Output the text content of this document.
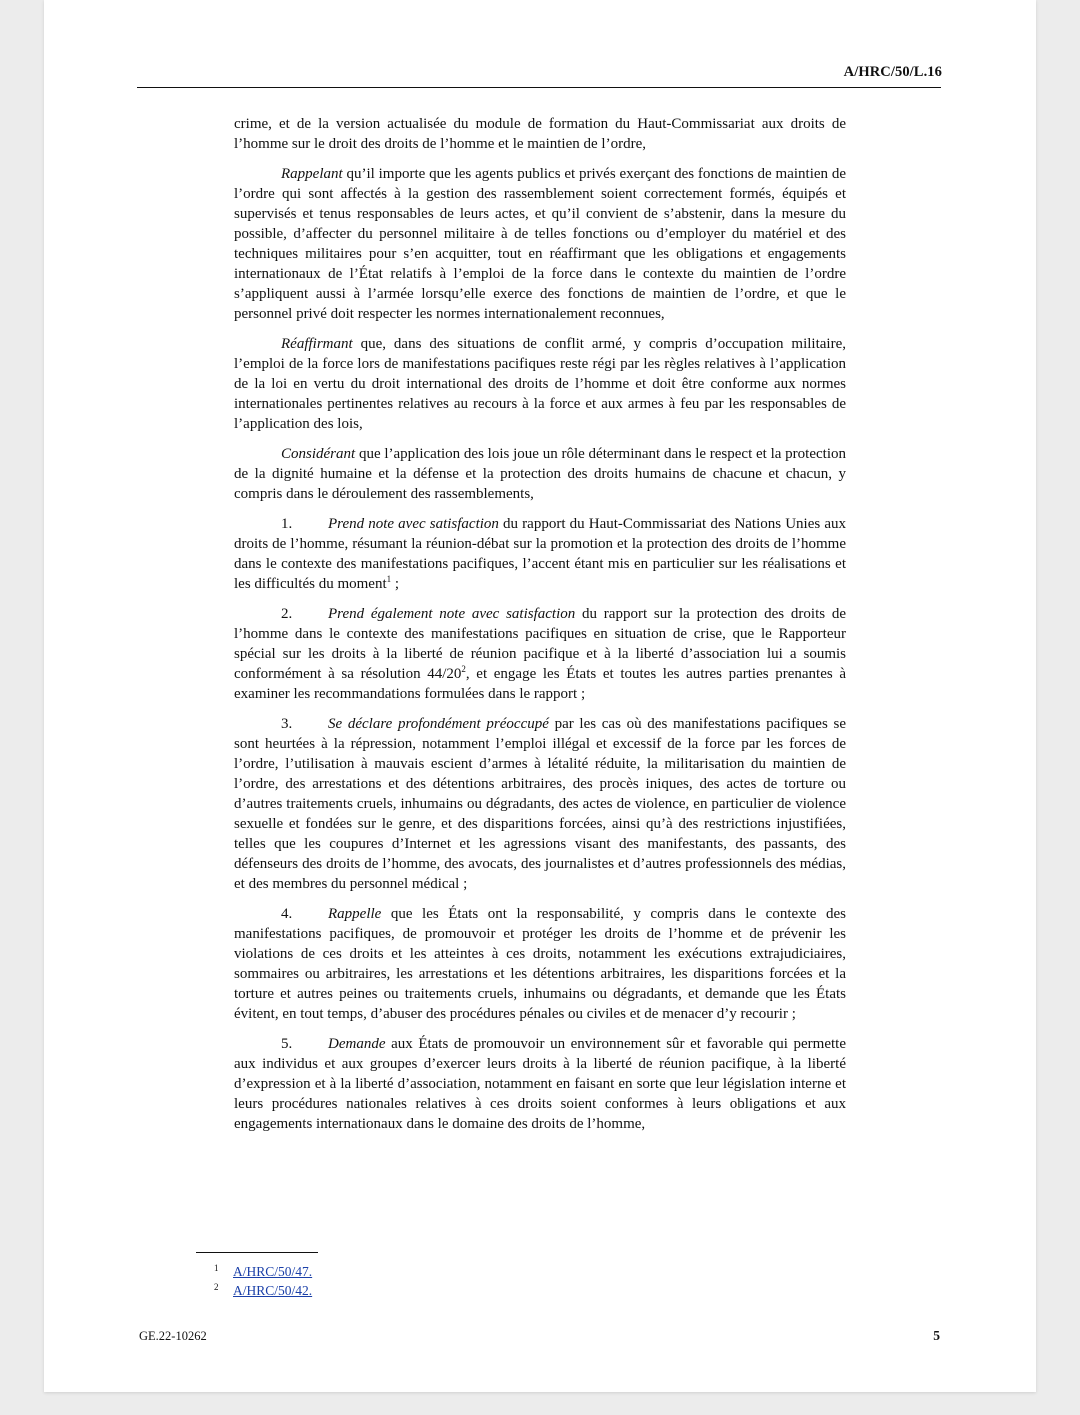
A/HRC/50/L.16

crime, et de la version actualisée du module de formation du Haut-Commissariat aux droits de l’homme sur le droit des droits de l’homme et le maintien de l’ordre,

Rappelant qu’il importe que les agents publics et privés exerçant des fonctions de maintien de l’ordre qui sont affectés à la gestion des rassemblement soient correctement formés, équipés et supervisés et tenus responsables de leurs actes, et qu’il convient de s’abstenir, dans la mesure du possible, d’affecter du personnel militaire à de telles fonctions ou d’employer du matériel et des techniques militaires pour s’en acquitter, tout en réaffirmant que les obligations et engagements internationaux de l’État relatifs à l’emploi de la force dans le contexte du maintien de l’ordre s’appliquent aussi à l’armée lorsqu’elle exerce des fonctions de maintien de l’ordre, et que le personnel privé doit respecter les normes internationalement reconnues,

Réaffirmant que, dans des situations de conflit armé, y compris d’occupation militaire, l’emploi de la force lors de manifestations pacifiques reste régi par les règles relatives à l’application de la loi en vertu du droit international des droits de l’homme et doit être conforme aux normes internationales pertinentes relatives au recours à la force et aux armes à feu par les responsables de l’application des lois,

Considérant que l’application des lois joue un rôle déterminant dans le respect et la protection de la dignité humaine et la défense et la protection des droits humains de chacune et chacun, y compris dans le déroulement des rassemblements,

1. Prend note avec satisfaction du rapport du Haut-Commissariat des Nations Unies aux droits de l’homme, résumant la réunion-débat sur la promotion et la protection des droits de l’homme dans le contexte des manifestations pacifiques, l’accent étant mis en particulier sur les réalisations et les difficultés du moment$^1$ ;

2. Prend également note avec satisfaction du rapport sur la protection des droits de l’homme dans le contexte des manifestations pacifiques en situation de crise, que le Rapporteur spécial sur les droits à la liberté de réunion pacifique et à la liberté d’association lui a soumis conformément à sa résolution $44/20^2$, et engage les États et toutes les autres parties prenantes à examiner les recommandations formulées dans le rapport ;

3. Se déclare profondément préoccupé par les cas où des manifestations pacifiques se sont heurtées à la répression, notamment l’emploi illégal et excessif de la force par les forces de l’ordre, l’utilisation à mauvais escient d’armes à létalité réduite, la militarisation du maintien de l’ordre, des arrestations et des détentions arbitraires, des procès iniques, des actes de torture ou d’autres traitements cruels, inhumains ou dégradants, des actes de violence, en particulier de violence sexuelle et fondées sur le genre, et des disparitions forcées, ainsi qu’à des restrictions injustifiées, telles que les coupures d’Internet et les agressions visant des manifestants, des passants, des défenseurs des droits de l’homme, des avocats, des journalistes et d’autres professionnels des médias, et des membres du personnel médical ;

4. Rappelle que les États ont la responsabilité, y compris dans le contexte des manifestations pacifiques, de promouvoir et protéger les droits de l’homme et de prévenir les violations de ces droits et les atteintes à ces droits, notamment les exécutions extrajudiciaires, sommaires ou arbitraires, les arrestations et les détentions arbitraires, les disparitions forcées et la torture et autres peines ou traitements cruels, inhumains ou dégradants, et demande que les États évitent, en tout temps, d’abuser des procédures pénales ou civiles et de menacer d’y recourir ;

5. Demande aux États de promouvoir un environnement sûr et favorable qui permette aux individus et aux groupes d’exercer leurs droits à la liberté de réunion pacifique, à la liberté d’expression et à la liberté d’association, notamment en faisant en sorte que leur législation interne et leurs procédures nationales relatives à ces droits soient conformes à leurs obligations et aux engagements internationaux dans le domaine des droits de l’homme,

1	A/HRC/50/47.
2	A/HRC/50/42.
GE.22-10262	5
